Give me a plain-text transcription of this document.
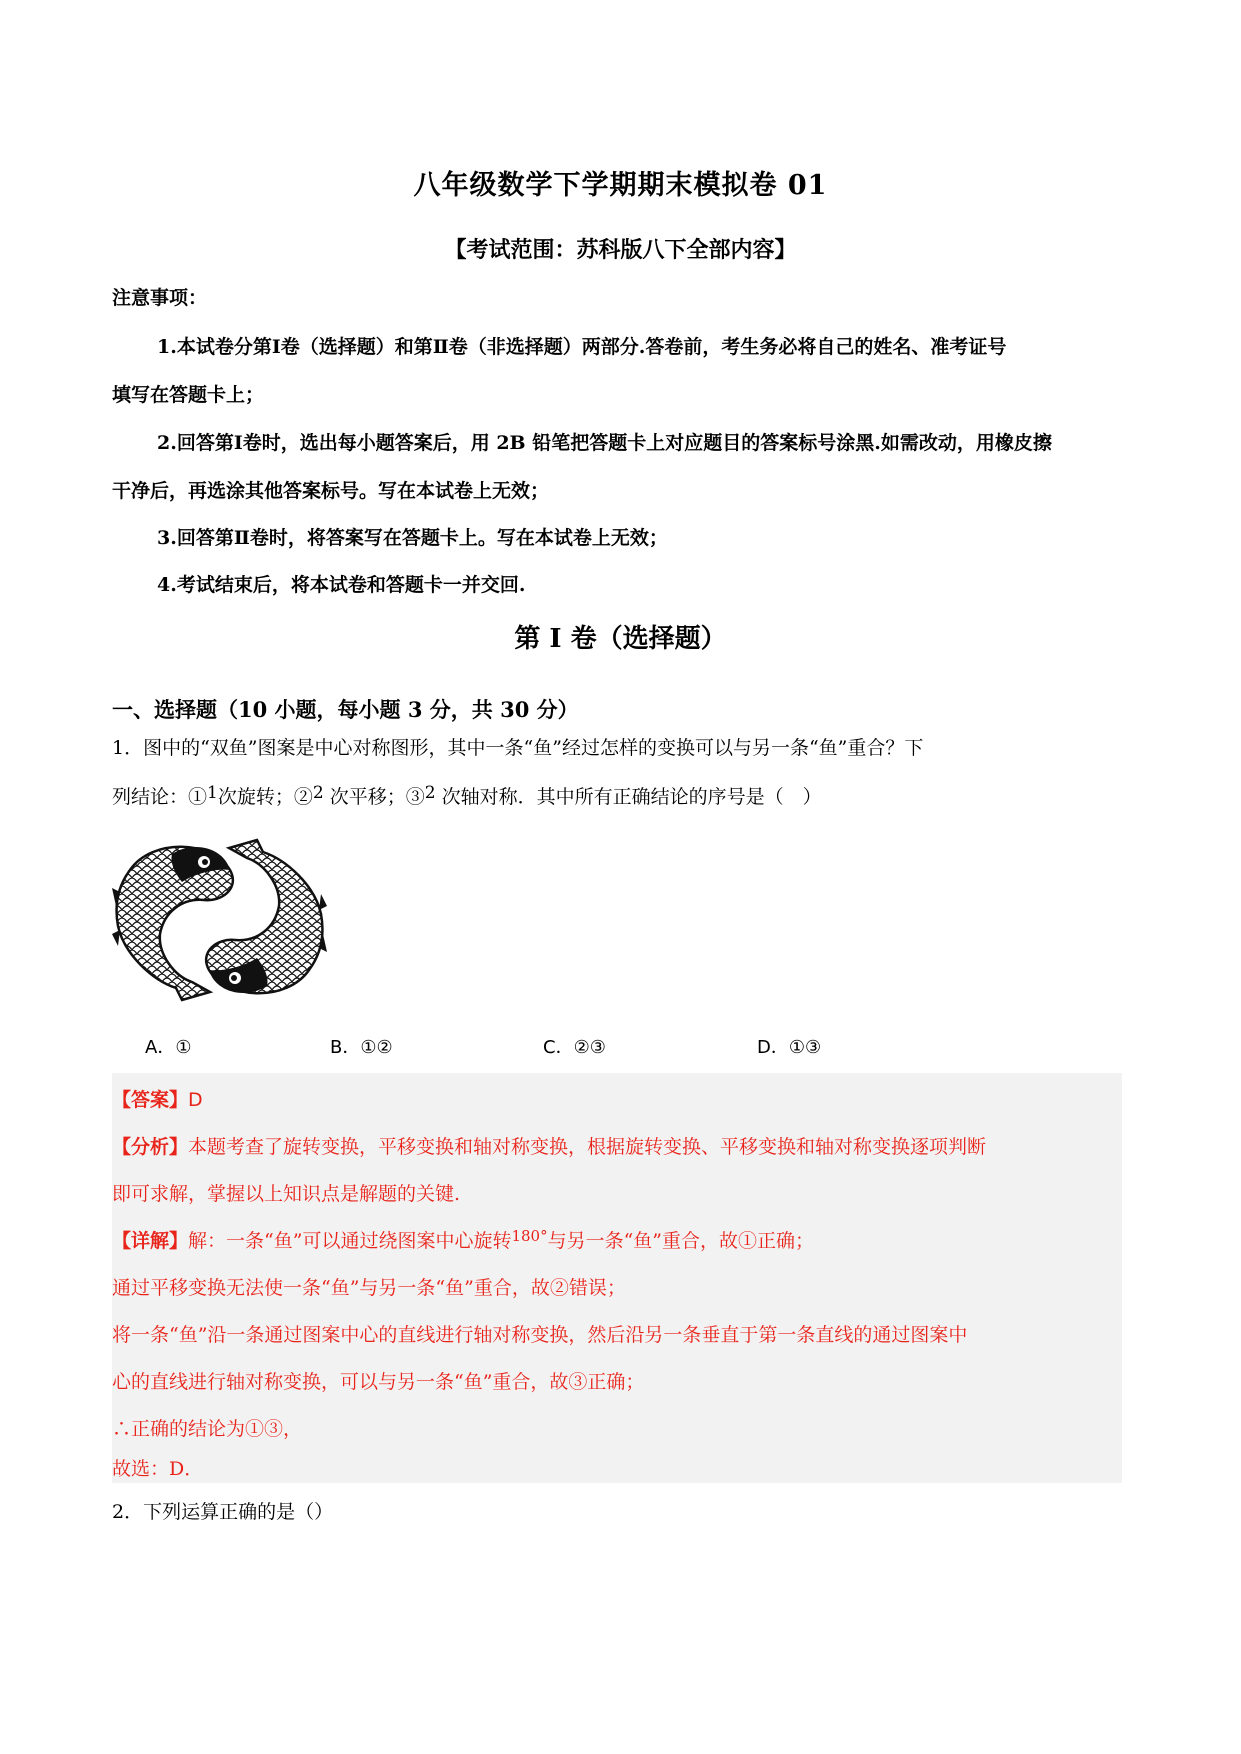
八年级数学下学期期末模拟卷 01
【考试范围：苏科版八下全部内容】
注意事项：
1.本试卷分第Ⅰ卷（选择题）和第Ⅱ卷（非选择题）两部分.答卷前，考生务必将自己的姓名、准考证号
填写在答题卡上；
2.回答第Ⅰ卷时，选出每小题答案后，用 2B 铅笔把答题卡上对应题目的答案标号涂黑.如需改动，用橡皮擦
干净后，再选涂其他答案标号。写在本试卷上无效；
3.回答第Ⅱ卷时，将答案写在答题卡上。写在本试卷上无效；
4.考试结束后，将本试卷和答题卡一并交回.
第 I 卷（选择题）
一、选择题（10 小题，每小题 3 分，共 30 分）
1．图中的“双鱼”图案是中心对称图形，其中一条“鱼”经过怎样的变换可以与另一条“鱼”重合？下
列结论：①1次旋转；②2 次平移；③2 次轴对称．其中所有正确结论的序号是（　）
A．①	B．①②	C．②③	D．①③
【答案】D
【分析】本题考查了旋转变换，平移变换和轴对称变换，根据旋转变换、平移变换和轴对称变换逐项判断
即可求解，掌握以上知识点是解题的关键.
【详解】解：一条“鱼”可以通过绕图案中心旋转$^{180^\circ}$与另一条“鱼”重合，故①正确；
通过平移变换无法使一条“鱼”与另一条“鱼”重合，故②错误；
将一条“鱼”沿一条通过图案中心的直线进行轴对称变换，然后沿另一条垂直于第一条直线的通过图案中
心的直线进行轴对称变换，可以与另一条“鱼”重合，故③正确；
∴正确的结论为①③，
故选：D．
2．下列运算正确的是（）
